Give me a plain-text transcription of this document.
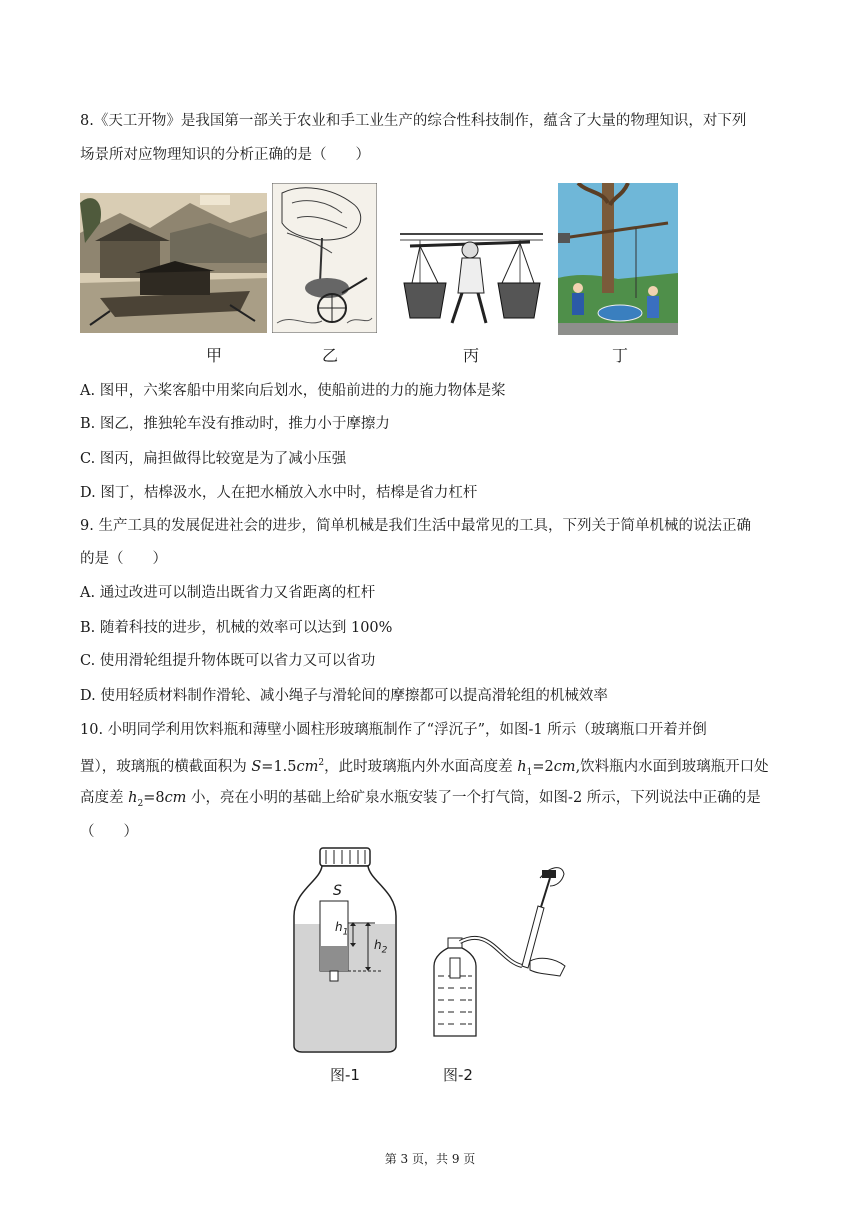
8.《天工开物》是我国第一部关于农业和手工业生产的综合性科技制作，蕴含了大量的物理知识，对下列
场景所对应物理知识的分析正确的是（　　）
甲	乙	丙	丁
A. 图甲，六桨客船中用桨向后划水，使船前进的力的施力物体是桨
B. 图乙，推独轮车没有推动时，推力小于摩擦力
C. 图丙，扁担做得比较宽是为了减小压强
D. 图丁，桔槔汲水，人在把水桶放入水中时，桔槔是省力杠杆
9. 生产工具的发展促进社会的进步，简单机械是我们生活中最常见的工具，下列关于简单机械的说法正确
的是（　　）
A. 通过改进可以制造出既省力又省距离的杠杆
B. 随着科技的进步，机械的效率可以达到 100%
C. 使用滑轮组提升物体既可以省力又可以省功
D. 使用轻质材料制作滑轮、减小绳子与滑轮间的摩擦都可以提高滑轮组的机械效率
10. 小明同学利用饮料瓶和薄壁小圆柱形玻璃瓶制作了“浮沉子”，如图-1 所示（玻璃瓶口开着并倒
置），玻璃瓶的横截面积为 $S=1.5cm^2$，此时玻璃瓶内外水面高度差 $h_1=2cm$,饮料瓶内水面到玻璃瓶开口处
高度差 $h_2=8cm$ 小，亮在小明的基础上给矿泉水瓶安装了一个打气筒，如图-2 所示，下列说法中正确的是
（　　）
S
$h_1$
$h_2$
图-1	图-2
第 3 页，共 9 页
